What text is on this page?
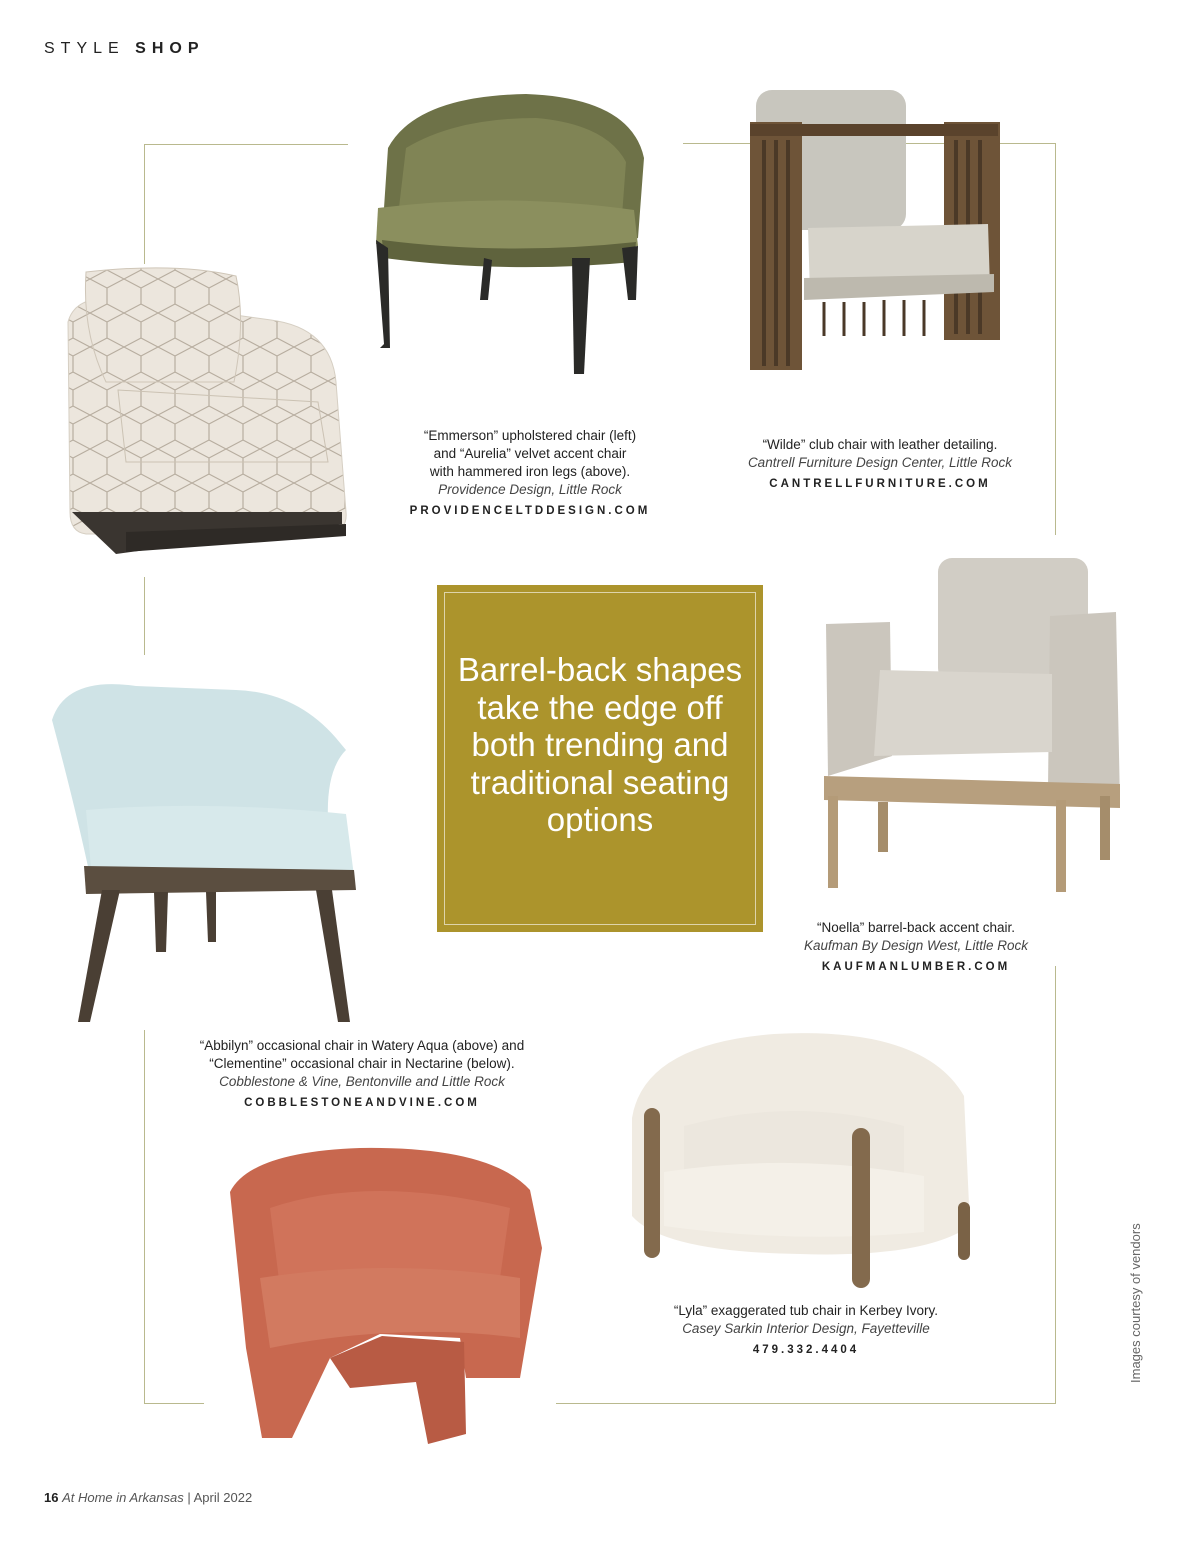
STYLE SHOP
“Emmerson” upholstered chair (left)
and “Aurelia” velvet accent chair
with hammered iron legs (above).
Providence Design, Little Rock
PROVIDENCELTDDESIGN.COM
“Wilde” club chair with leather detailing.
Cantrell Furniture Design Center, Little Rock
CANTRELLFURNITURE.COM
Barrel-back shapes take the edge off both trending and traditional seating options
“Noella” barrel-back accent chair.
Kaufman By Design West, Little Rock
KAUFMANLUMBER.COM
“Abbilyn” occasional chair in Watery Aqua (above) and
“Clementine” occasional chair in Nectarine (below).
Cobblestone & Vine, Bentonville and Little Rock
COBBLESTONEANDVINE.COM
“Lyla” exaggerated tub chair in Kerbey Ivory.
Casey Sarkin Interior Design, Fayetteville
479.332.4404	Images courtesy of vendors
16 At Home in Arkansas | April 2022
